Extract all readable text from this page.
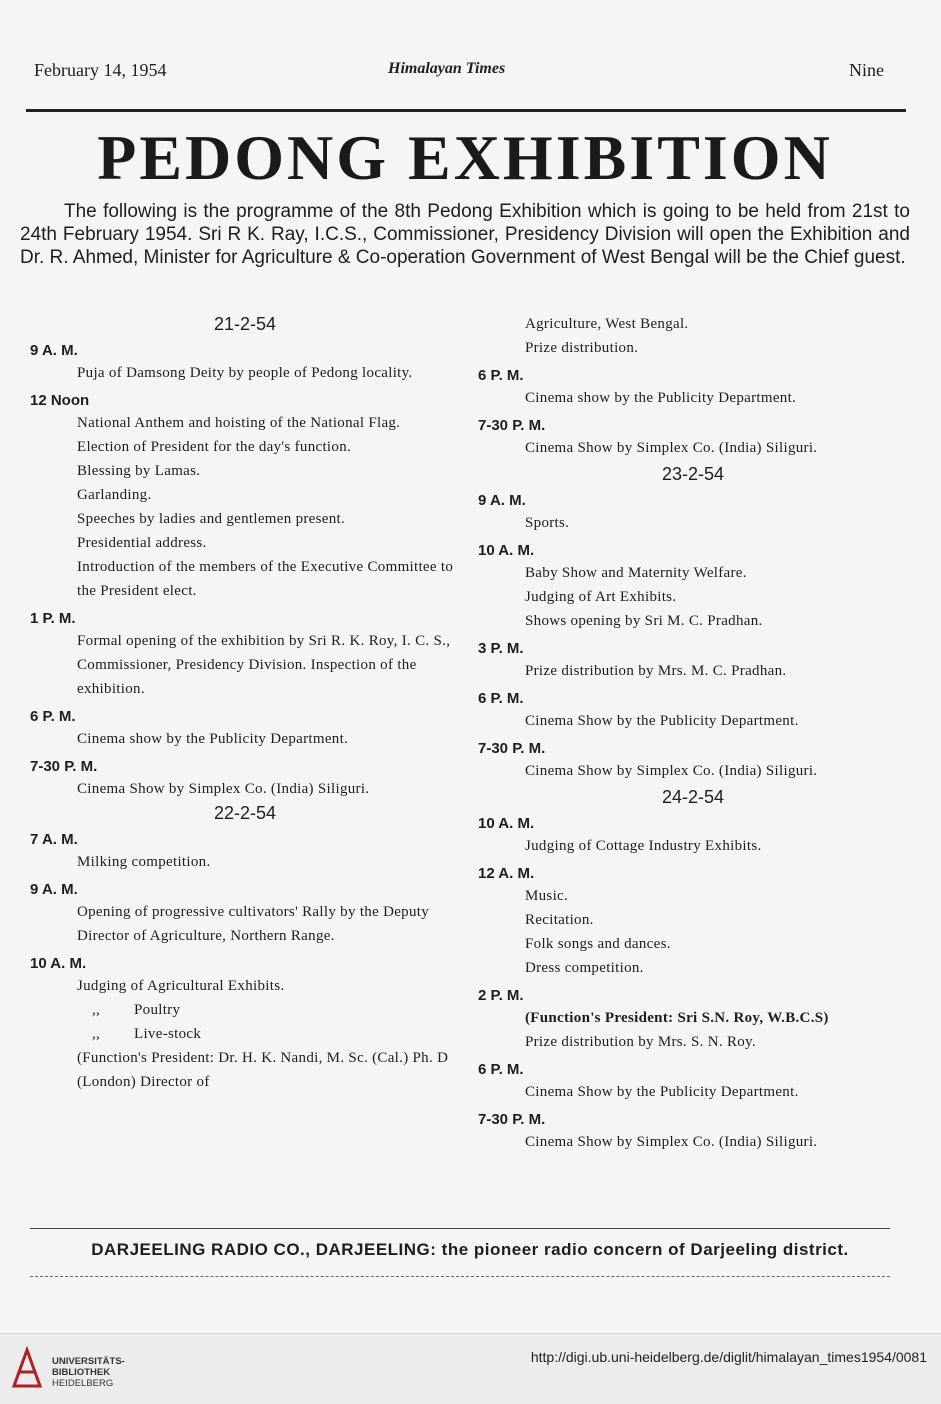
February 14, 1954	Himalayan Times	Nine
PEDONG EXHIBITION
The following is the programme of the 8th Pedong Exhibition which is going to be held from 21st to 24th February 1954. Sri R K. Ray, I.C.S., Commissioner, Presidency Division will open the Exhibition and Dr. R. Ahmed, Minister for Agriculture & Co-operation Government of West Bengal will be the Chief guest.
21-2-54
9 A. M.
Puja of Damsong Deity by people of Pedong locality.
12 Noon
National Anthem and hoisting of the National Flag.
Election of President for the day's function.
Blessing by Lamas.
Garlanding.
Speeches by ladies and gentlemen present.
Presidential address.
Introduction of the members of the Executive Committee to the President elect.
1 P. M.
Formal opening of the exhibition by Sri R. K. Roy, I. C. S., Commissioner, Presidency Division. Inspection of the exhibition.
6 P. M.
Cinema show by the Publicity Department.
7-30 P. M.
Cinema Show by Simplex Co. (India) Siliguri.
22-2-54
7 A. M.
Milking competition.
9 A. M.
Opening of progressive cultivators' Rally by the Deputy Director of Agriculture, Northern Range.
10 A. M.
Judging of Agricultural Exhibits.
,, Poultry
,, Live-stock
(Function's President: Dr. H. K. Nandi, M. Sc. (Cal.) Ph. D (London) Director of
Agriculture, West Bengal.
Prize distribution.
6 P. M.
Cinema show by the Publicity Department.
7-30 P. M.
Cinema Show by Simplex Co. (India) Siliguri.
23-2-54
9 A. M.
Sports.
10 A. M.
Baby Show and Maternity Welfare.
Judging of Art Exhibits.
Shows opening by Sri M. C. Pradhan.
3 P. M.
Prize distribution by Mrs. M. C. Pradhan.
6 P. M.
Cinema Show by the Publicity Department.
7-30 P. M.
Cinema Show by Simplex Co. (India) Siliguri.
24-2-54
10 A. M.
Judging of Cottage Industry Exhibits.
12 A. M.
Music.
Recitation.
Folk songs and dances.
Dress competition.
2 P. M.
(Function's President: Sri S.N. Roy, W.B.C.S)
Prize distribution by Mrs. S. N. Roy.
6 P. M.
Cinema Show by the Publicity Department.
7-30 P. M.
Cinema Show by Simplex Co. (India) Siliguri.
DARJEELING RADIO CO., DARJEELING: the pioneer radio concern of Darjeeling district.
UNIVERSITÄTS-
BIBLIOTHEK
HEIDELBERG
http://digi.ub.uni-heidelberg.de/diglit/himalayan_times1954/0081
